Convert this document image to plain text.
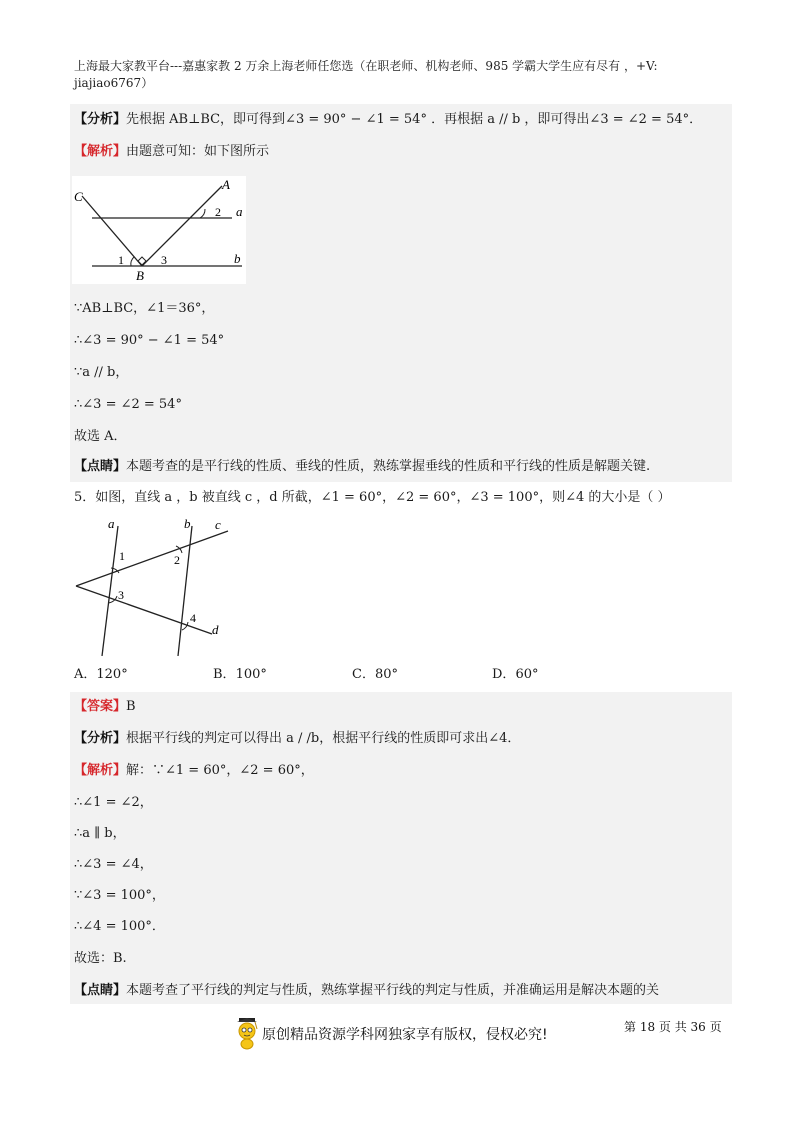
上海最大家教平台---嘉惠家教 2 万余上海老师任您选（在职老师、机构老师、985 学霸大学生应有尽有 ，+V:
jiajiao6767）
【分析】先根据 AB⊥BC，即可得到∠3 = 90° − ∠1 = 54° ．再根据 a // b ，即可得出∠3 = ∠2 = 54°．
【解析】由题意可知：如下图所示
C
A
a
b
B
1
2
3
∵AB⊥BC，∠1＝36°，
∴∠3 = 90° − ∠1 = 54°
∵a // b，
∴∠3 = ∠2 = 54°
故选 A．
【点睛】本题考查的是平行线的性质、垂线的性质，熟练掌握垂线的性质和平行线的性质是解题关键.
5．如图，直线 a ，b 被直线 c ，d 所截，∠1 = 60°，∠2 = 60°，∠3 = 100°，则∠4 的大小是（ ）
a	b c
d
1	2
3
4
A．120°	B．100°	C．80°	D．60°
【答案】B
【分析】根据平行线的判定可以得出 a / /b，根据平行线的性质即可求出∠4．
【解析】解：∵∠1 = 60°，∠2 = 60°，
∴∠1 = ∠2，
∴a ∥ b，
∴∠3 = ∠4，
∵∠3 = 100°，
∴∠4 = 100°．
故选：B.
【点睛】本题考查了平行线的判定与性质，熟练掌握平行线的判定与性质，并准确运用是解决本题的关
原创精品资源学科网独家享有版权，侵权必究!	第 18 页 共 36 页
